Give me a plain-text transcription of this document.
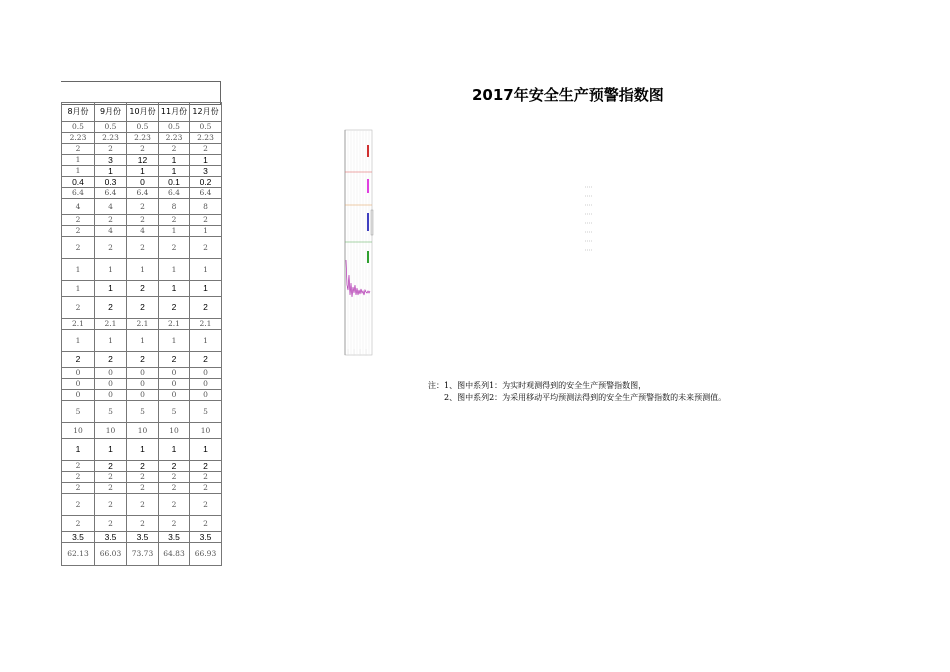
8月份	9月份	10月份	11月份	12月份
0.5	0.5	0.5	0.5	0.5
2.23	2.23	2.23	2.23	2.23
2	2	2	2	2
1	3	12	1	1
1	1	1	1	3
0.4	0.3	0	0.1	0.2
6.4	6.4	6.4	6.4	6.4
4	4	2	8	8
2	2	2	2	2
2	4	4	1	1
2	2	2	2	2
1	1	1	1	1
1	1	2	1	1
2	2	2	2	2
2.1	2.1	2.1	2.1	2.1
1	1	1	1	1
2	2	2	2	2
0	0	0	0	0
0	0	0	0	0
0	0	0	0	0
5	5	5	5	5
10	10	10	10	10
1	1	1	1	1
2	2	2	2	2
2	2	2	2	2
2	2	2	2	2
2	2	2	2	2
2	2	2	2	2
3.5	3.5	3.5	3.5	3.5
62.13	66.03	73.73	64.83	66.93
2017年安全生产预警指数图
注：1、图中系列1：为实时观测得到的安全生产预警指数图，
2、图中系列2：为采用移动平均预测法得到的安全生产预警指数的未来预测值。
